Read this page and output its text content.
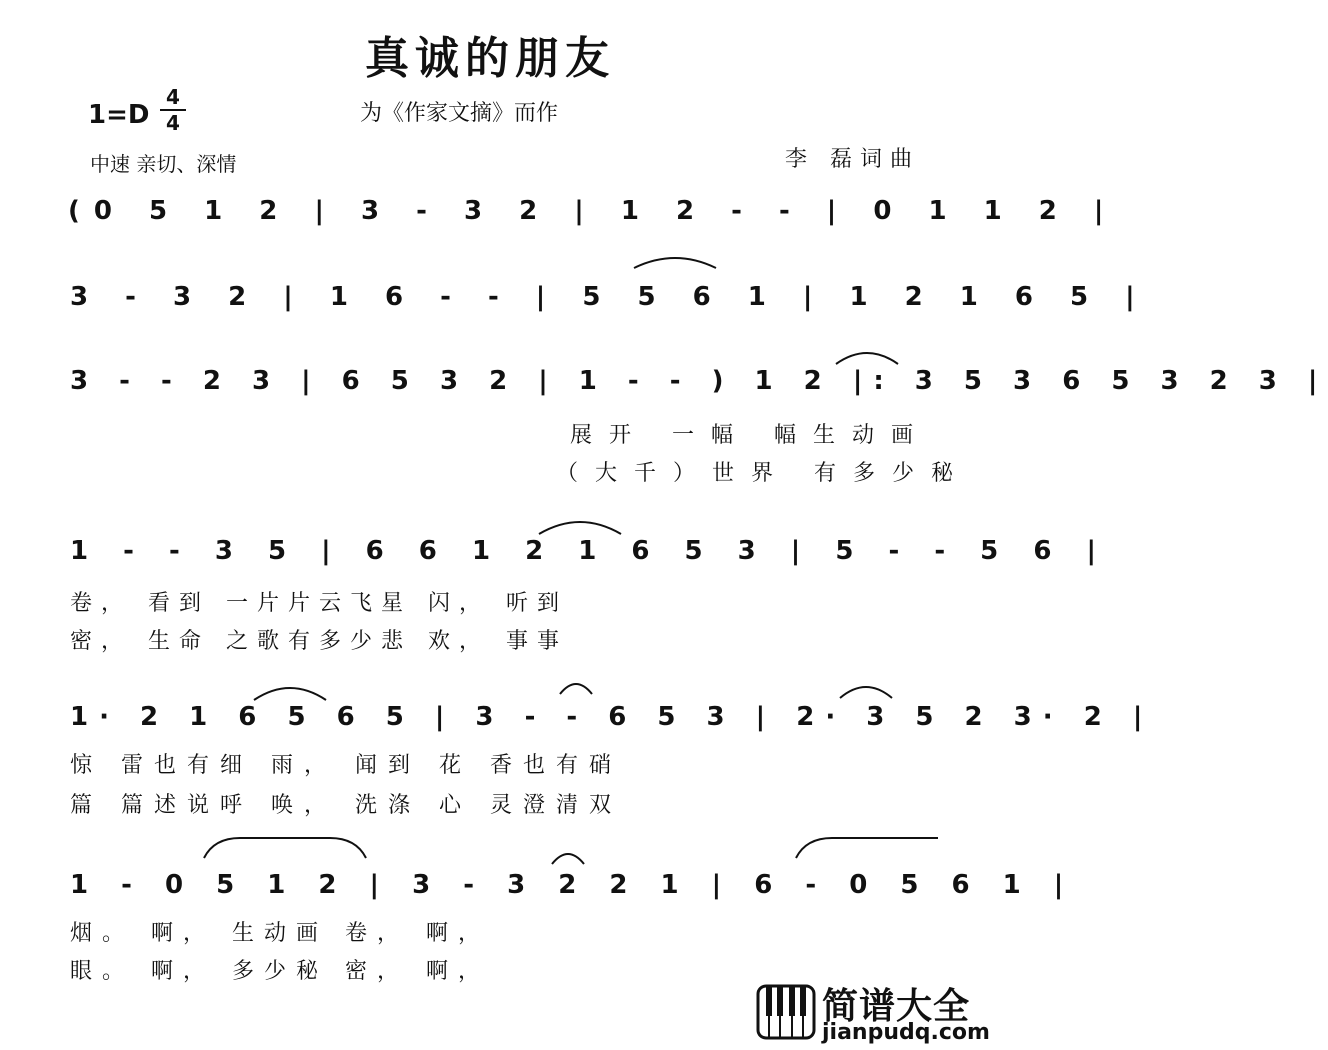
真诚的朋友
为《作家文摘》而作
1=D
4
4
中速 亲切、深情	李 磊词曲
(0 5 1 2 | 3 - 3 2 | 1 2 - - | 0 1 1 2 |
3 - 3 2 | 1 6 - - | 5 5 6 1 | 1 2 1 6 5 |
3 - - 2 3 | 6 5 3 2 | 1 - - ) 1 2 |: 3 5 3 6 5 3 2 3 |
展开 一幅 幅生动画
（大千）世界 有多少秘
1 - - 3 5 | 6 6 1 2 1 6 5 3 | 5 - - 5 6 |
卷， 看到 一片片云飞星 闪， 听到
密， 生命 之歌有多少悲 欢， 事事
1· 2 1 6 5 6 5 | 3 - - 6 5 3 | 2· 3 5 2 3· 2 |
惊 雷也有细 雨， 闻到 花 香也有硝
篇 篇述说呼 唤， 洗涤 心 灵澄清双
1 - 0 5 1 2 | 3 - 3 2 2 1 | 6 - 0 5 6 1 |
烟。 啊， 生动画 卷， 啊，
眼。 啊， 多少秘 密， 啊，
简谱大全
jianpudq.com
